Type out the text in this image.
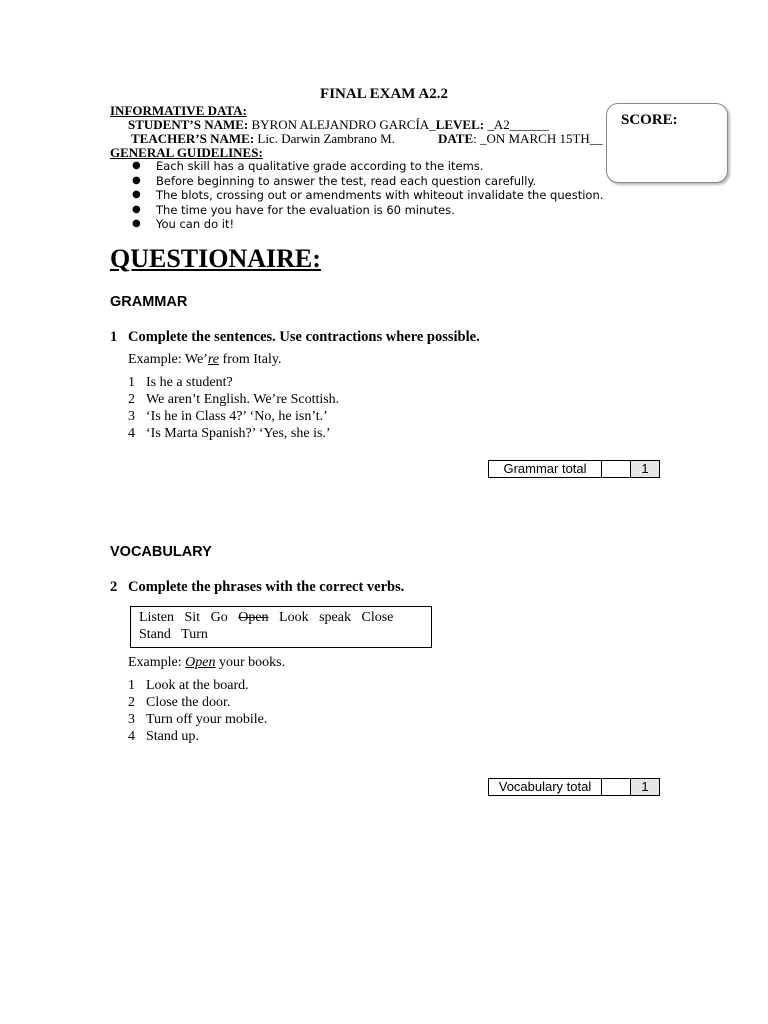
FINAL EXAM A2.2
INFORMATIVE DATA:
STUDENT’S NAME: BYRON ALEJANDRO GARCÍA_LEVEL: _A2______
TEACHER’S NAME: Lic. Darwin Zambrano M.	DATE: _ON MARCH 15TH__
GENERAL GUIDELINES:
SCORE:
● Each skill has a qualitative grade according to the items.
● Before beginning to answer the test, read each question carefully.
● The blots, crossing out or amendments with whiteout invalidate the question.
● The time you have for the evaluation is 60 minutes.
● You can do it!
QUESTIONAIRE:
GRAMMAR
1 Complete the sentences. Use contractions where possible.
Example: We’re from Italy.
1 Is he a student?
2 We aren’t English. We’re Scottish.
3 ‘Is he in Class 4?’ ‘No, he isn’t.’
4 ‘Is Marta Spanish?’ ‘Yes, she is.’
Grammar total	1
VOCABULARY
2 Complete the phrases with the correct verbs.
Listen Sit Go Open Look speak Close
Stand Turn
Example: Open your books.
1 Look at the board.
2 Close the door.
3 Turn off your mobile.
4 Stand up.
Vocabulary total	1
